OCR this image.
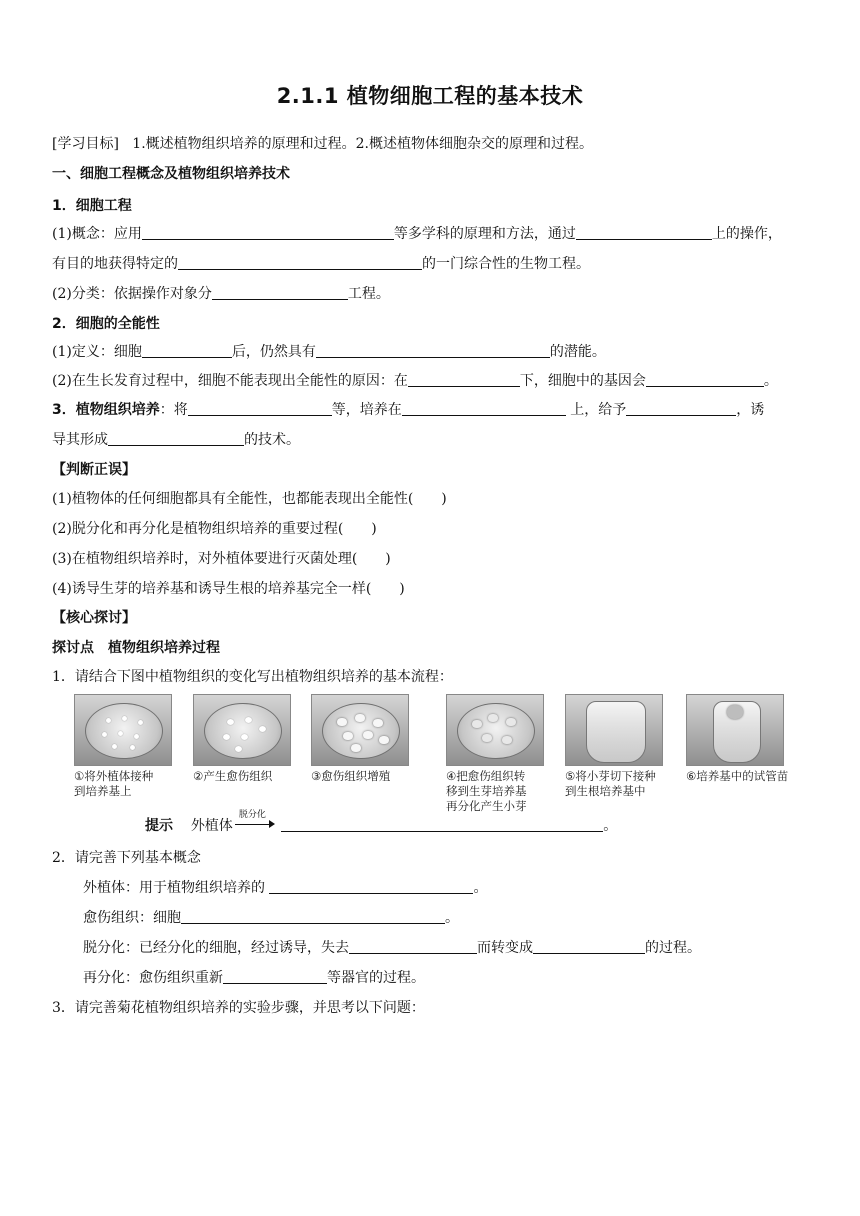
2.1.1 植物细胞工程的基本技术
[学习目标] 1.概述植物组织培养的原理和过程。2.概述植物体细胞杂交的原理和过程。
一、细胞工程概念及植物组织培养技术
1．细胞工程
(1)概念：应用	等多学科的原理和方法，通过	上的操作，
有目的地获得特定的	的一门综合性的生物工程。
(2)分类：依据操作对象分	工程。
2．细胞的全能性
(1)定义：细胞	后，仍然具有	的潜能。
(2)在生长发育过程中，细胞不能表现出全能性的原因：在	下，细胞中的基因会	。
3．植物组织培养：将	等，培养在	上，给予	，诱
导其形成	的技术。
【判断正误】
(1)植物体的任何细胞都具有全能性，也都能表现出全能性(　　)
(2)脱分化和再分化是植物组织培养的重要过程(　　)
(3)在植物组织培养时，对外植体要进行灭菌处理(　　)
(4)诱导生芽的培养基和诱导生根的培养基完全一样(　　)
【核心探讨】
探讨点　植物组织培养过程
1．请结合下图中植物组织的变化写出植物组织培养的基本流程：
①将外植体接种
到培养基上
②产生愈伤组织	③愈伤组织增殖	④把愈伤组织转
移到生芽培养基
再分化产生小芽
⑤将小芽切下接种
到生根培养基中
⑥培养基中的试管苗
提示 外植体
脱分化
。
2．请完善下列基本概念
外植体：用于植物组织培养的	。
愈伤组织：细胞	。
脱分化：已经分化的细胞，经过诱导，失去	而转变成	的过程。
再分化：愈伤组织重新	等器官的过程。
3．请完善菊花植物组织培养的实验步骤，并思考以下问题：
